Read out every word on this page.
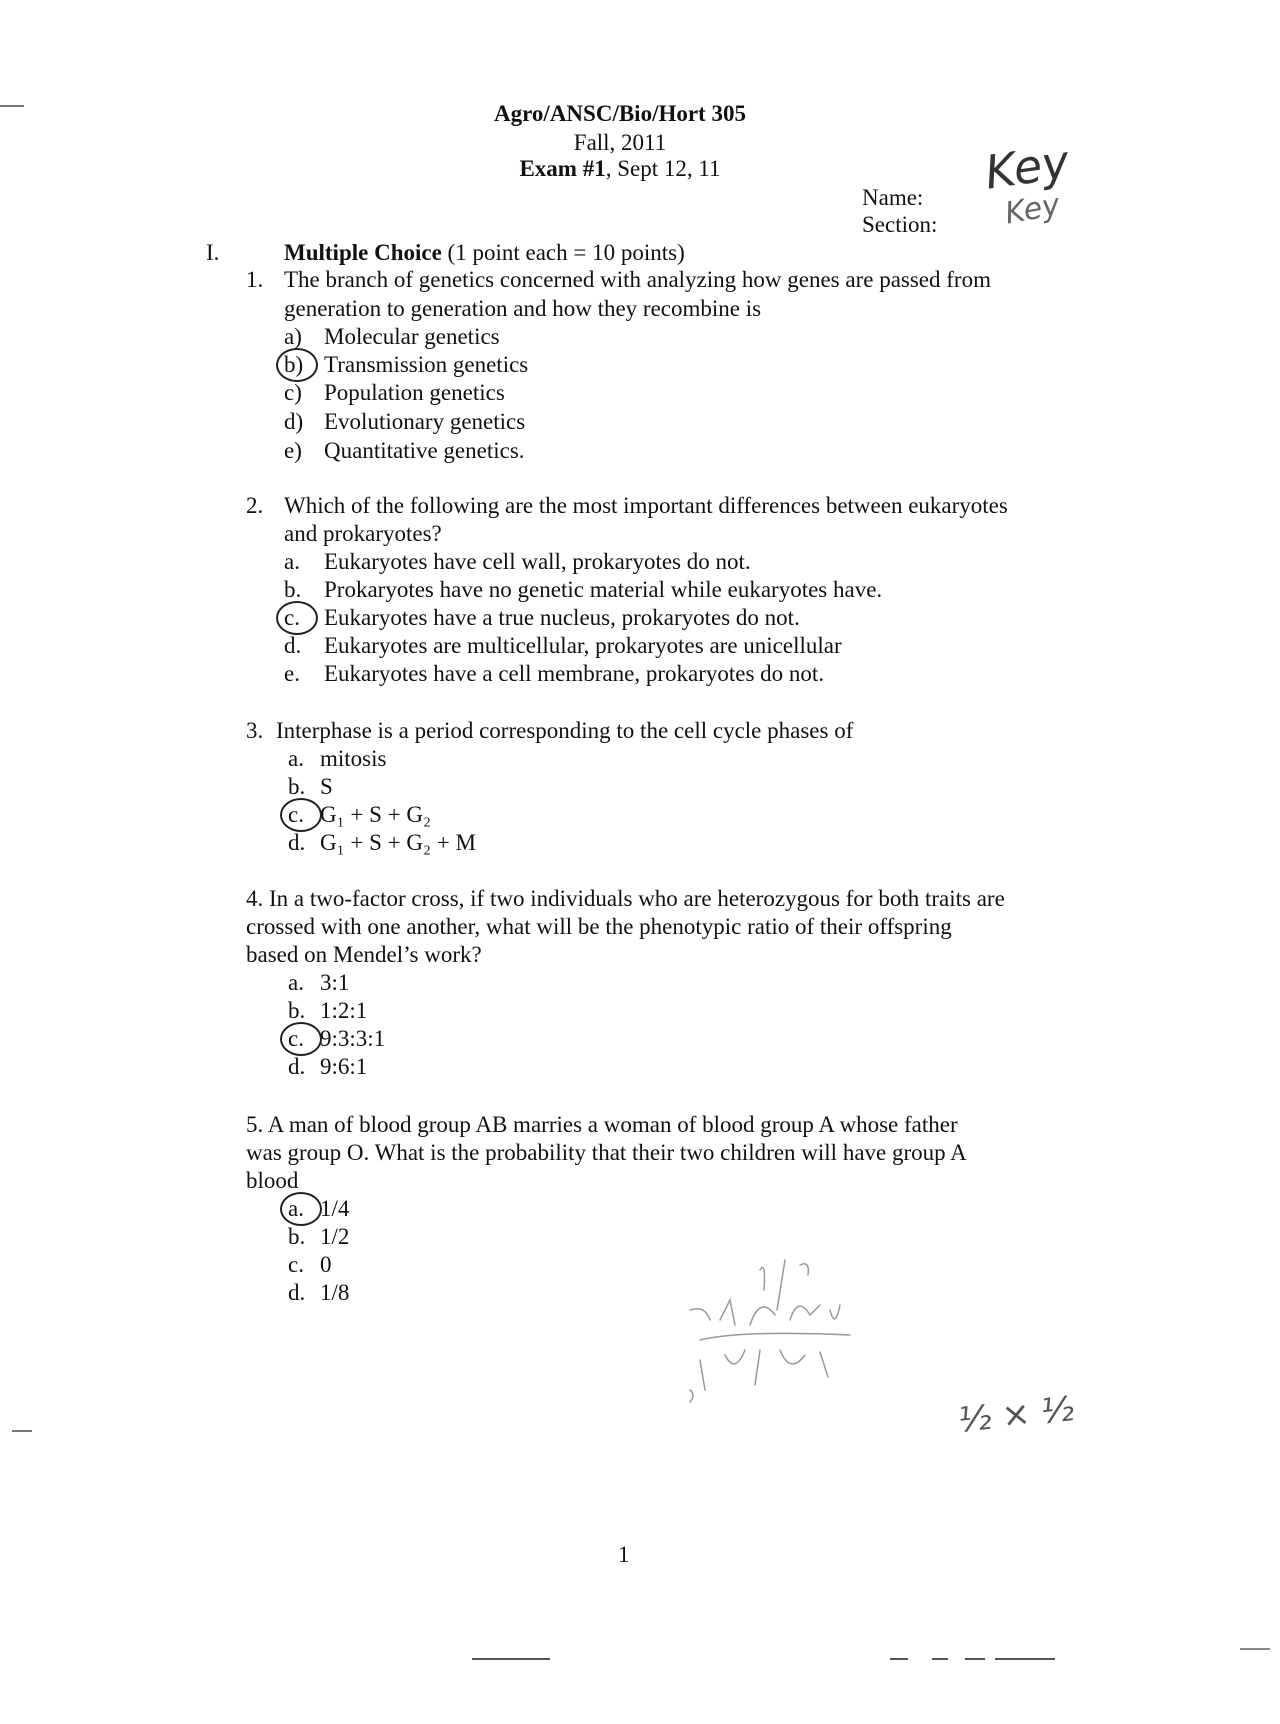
Agro/ANSC/Bio/Hort 305
Fall, 2011
Exam #1, Sept 12, 11
Name:
Section:
Key
Key
I.	Multiple Choice (1 point each = 10 points)
1. The branch of genetics concerned with analyzing how genes are passed from
generation to generation and how they recombine is
a) Molecular genetics
b) Transmission genetics
c) Population genetics
d) Evolutionary genetics
e) Quantitative genetics.
2. Which of the following are the most important differences between eukaryotes
and prokaryotes?
a. Eukaryotes have cell wall, prokaryotes do not.
b. Prokaryotes have no genetic material while eukaryotes have.
c. Eukaryotes have a true nucleus, prokaryotes do not.
d. Eukaryotes are multicellular, prokaryotes are unicellular
e. Eukaryotes have a cell membrane, prokaryotes do not.
3. Interphase is a period corresponding to the cell cycle phases of
a. mitosis
b. S
c. G₁ + S + G₂
d. G₁ + S + G₂ + M
4. In a two-factor cross, if two individuals who are heterozygous for both traits are
crossed with one another, what will be the phenotypic ratio of their offspring
based on Mendel’s work?
a. 3:1
b. 1:2:1
c. 9:3:3:1
d. 9:6:1
5. A man of blood group AB marries a woman of blood group A whose father
was group O. What is the probability that their two children will have group A
blood
a. 1/4
b. 1/2
c. 0
d. 1/8
½ × ½
1
